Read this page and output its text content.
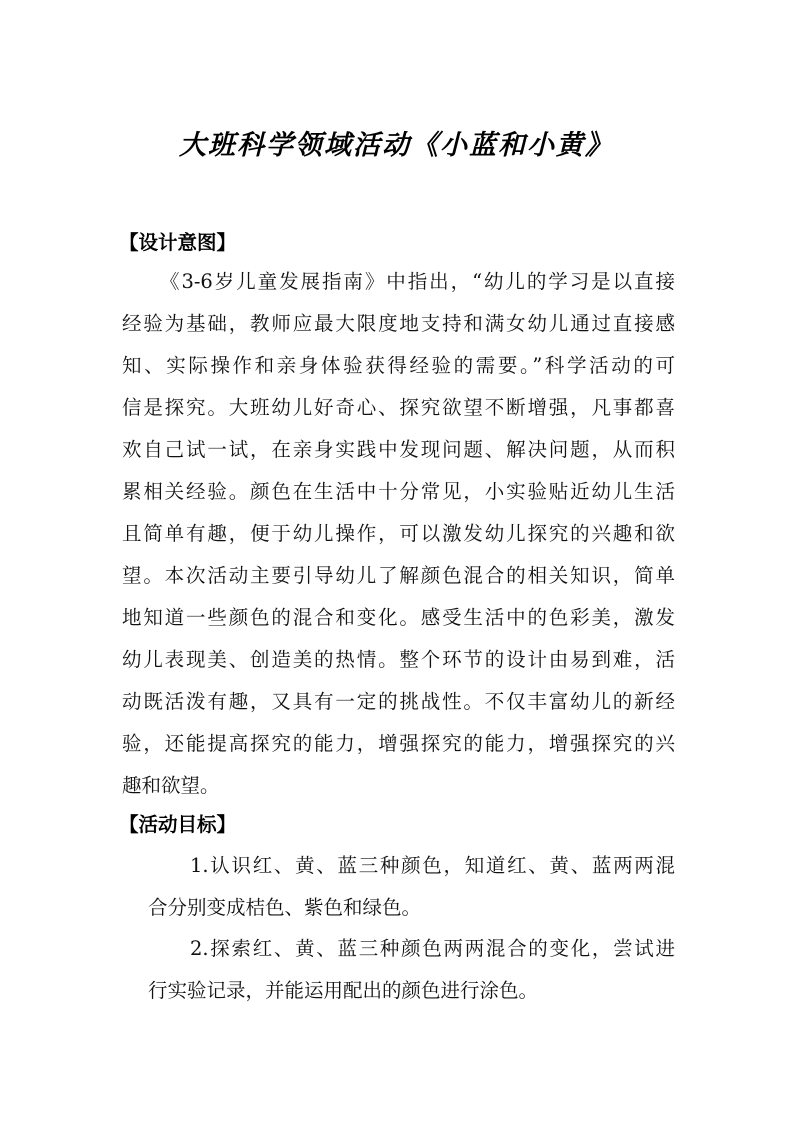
大班科学领域活动《小蓝和小黄》
【设计意图】
《3-6岁儿童发展指南》中指出，“幼儿的学习是以直接
经验为基础，教师应最大限度地支持和满女幼儿通过直接感
知、实际操作和亲身体验获得经验的需要。”科学活动的可
信是探究。大班幼儿好奇心、探究欲望不断增强，凡事都喜
欢自己试一试，在亲身实践中发现问题、解决问题，从而积
累相关经验。颜色在生活中十分常见，小实验贴近幼儿生活
且简单有趣，便于幼儿操作，可以激发幼儿探究的兴趣和欲
望。本次活动主要引导幼儿了解颜色混合的相关知识，简单
地知道一些颜色的混合和变化。感受生活中的色彩美，激发
幼儿表现美、创造美的热情。整个环节的设计由易到难，活
动既活泼有趣，又具有一定的挑战性。不仅丰富幼儿的新经
验，还能提高探究的能力，增强探究的能力，增强探究的兴
趣和欲望。
【活动目标】
1.认识红、黄、蓝三种颜色，知道红、黄、蓝两两混
合分别变成桔色、紫色和绿色。
2.探索红、黄、蓝三种颜色两两混合的变化，尝试进
行实验记录，并能运用配出的颜色进行涂色。
